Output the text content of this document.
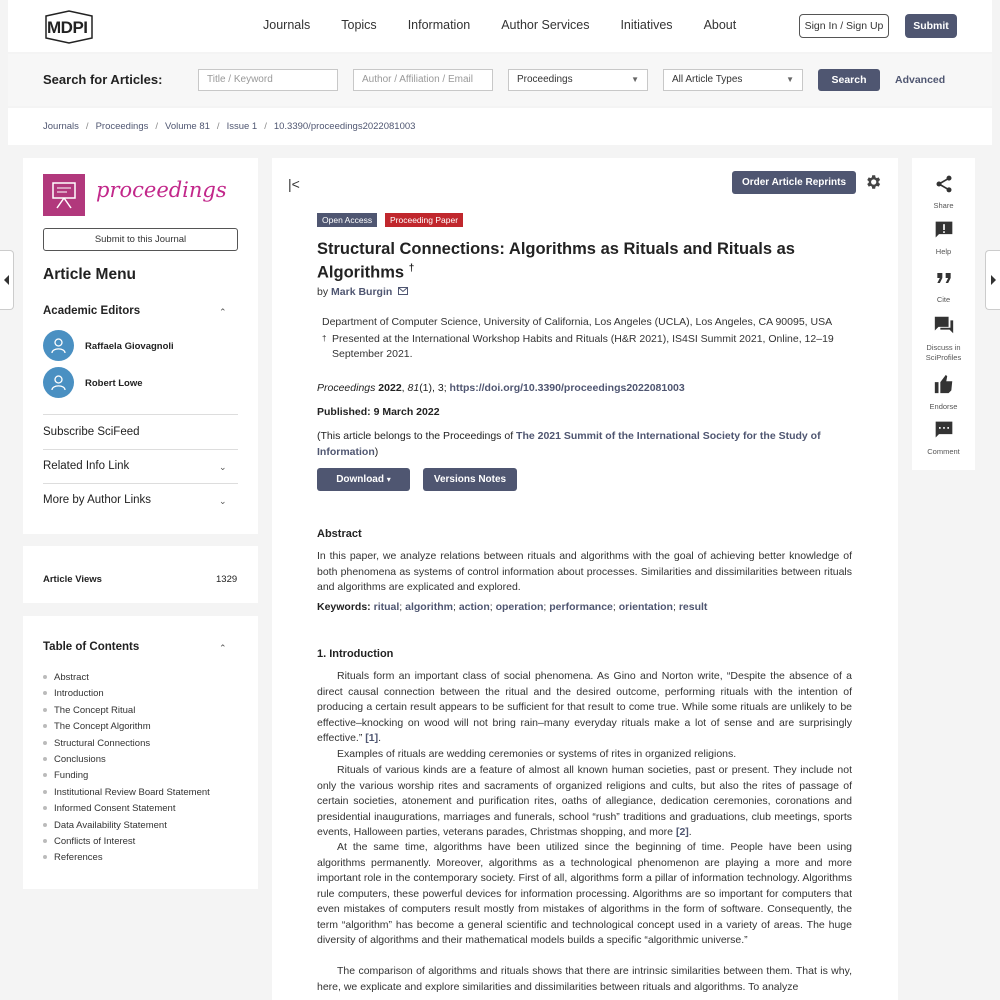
MDPI	Journals Topics Information Author Services Initiatives About	Sign In / Sign Up	Submit
Search for Articles:	Title / Keyword	Author / Affiliation / Email	Proceedings	▼	All Article Types	▼	Search	Advanced
Journals / Proceedings / Volume 81 / Issue 1 / 10.3390/proceedings2022081003
proceedings
Submit to this Journal
Article Menu
Academic Editors	⌃
Raffaela Giovagnoli
Robert Lowe
Subscribe SciFeed
Related Info Link	⌄
More by Author Links	⌄
Article Views	1329
Table of Contents	⌃
Abstract
Introduction
The Concept Ritual
The Concept Algorithm
Structural Connections
Conclusions
Funding
Institutional Review Board Statement
Informed Consent Statement
Data Availability Statement
Conflicts of Interest
References
|<	Order Article Reprints
Open Access	Proceeding Paper
Structural Connections: Algorithms as Rituals and Rituals as Algorithms †
by Mark Burgin
Department of Computer Science, University of California, Los Angeles (UCLA), Los Angeles, CA 90095, USA
† Presented at the International Workshop Habits and Rituals (H&R 2021), IS4SI Summit 2021, Online, 12–19 September 2021.
Proceedings 2022, 81(1), 3; https://doi.org/10.3390/proceedings2022081003
Published: 9 March 2022
(This article belongs to the Proceedings of The 2021 Summit of the International Society for the Study of Information)
Download ▾	Versions Notes
Abstract
In this paper, we analyze relations between rituals and algorithms with the goal of achieving better knowledge of both phenomena as systems of control information about processes. Similarities and dissimilarities between rituals and algorithms are explicated and explored.
Keywords: ritual; algorithm; action; operation; performance; orientation; result
1. Introduction
Rituals form an important class of social phenomena. As Gino and Norton write, “Despite the absence of a direct causal connection between the ritual and the desired outcome, performing rituals with the intention of producing a certain result appears to be sufficient for that result to come true. While some rituals are unlikely to be effective–knocking on wood will not bring rain–many everyday rituals make a lot of sense and are surprisingly effective.” [1].
Examples of rituals are wedding ceremonies or systems of rites in organized religions.
Rituals of various kinds are a feature of almost all known human societies, past or present. They include not only the various worship rites and sacraments of organized religions and cults, but also the rites of passage of certain societies, atonement and purification rites, oaths of allegiance, dedication ceremonies, coronations and presidential inaugurations, marriages and funerals, school “rush” traditions and graduations, club meetings, sports events, Halloween parties, veterans parades, Christmas shopping, and more [2].
At the same time, algorithms have been utilized since the beginning of time. People have been using algorithms permanently. Moreover, algorithms as a technological phenomenon are playing a more and more important role in the contemporary society. First of all, algorithms form a pillar of information technology. Algorithms rule computers, these powerful devices for information processing. Algorithms are so important for computers that even mistakes of computers result mostly from mistakes of algorithms in the form of software. Consequently, the term “algorithm” has become a general scientific and technological concept used in a variety of areas. The huge diversity of algorithms and their mathematical models builds a specific “algorithmic universe.”
The comparison of algorithms and rituals shows that there are intrinsic similarities between them. That is why, here, we explicate and explore similarities and dissimilarities between rituals and algorithms. To analyze
Share
Help
Cite
Discuss in SciProfiles
Endorse
Comment
